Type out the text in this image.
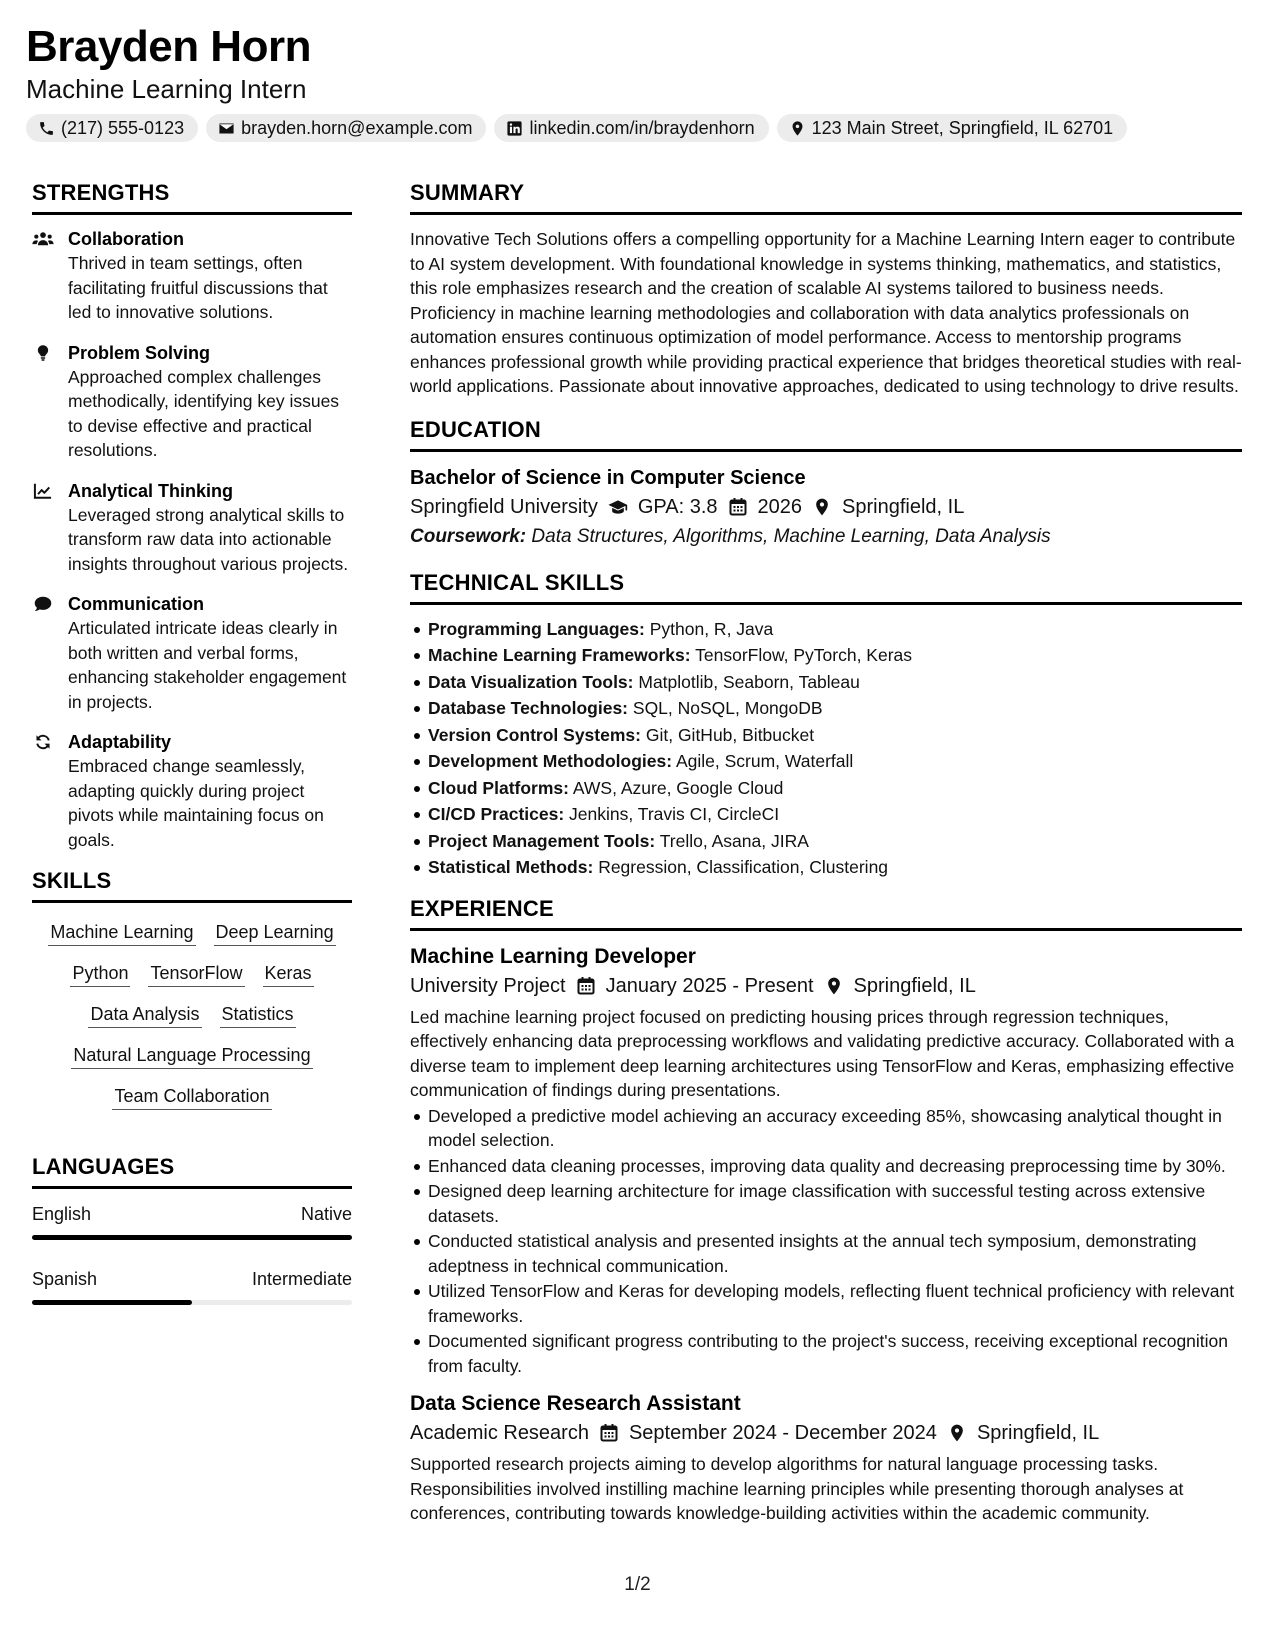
Brayden Horn
Machine Learning Intern
(217) 555-0123	brayden.horn@example.com	linkedin.com/in/braydenhorn	123 Main Street, Springfield, IL 62701
STRENGTHS
Collaboration
Thrived in team settings, often facilitating fruitful discussions that led to innovative solutions.
Problem Solving
Approached complex challenges methodically, identifying key issues to devise effective and practical resolutions.
Analytical Thinking
Leveraged strong analytical skills to transform raw data into actionable insights throughout various projects.
Communication
Articulated intricate ideas clearly in both written and verbal forms, enhancing stakeholder engagement in projects.
Adaptability
Embraced change seamlessly, adapting quickly during project pivots while maintaining focus on goals.
SKILLS
Machine Learning Deep Learning
Python TensorFlow Keras
Data Analysis Statistics
Natural Language Processing
Team Collaboration
LANGUAGES
English	Native
Spanish	Intermediate
SUMMARY
Innovative Tech Solutions offers a compelling opportunity for a Machine Learning Intern eager to contribute to AI system development. With foundational knowledge in systems thinking, mathematics, and statistics, this role emphasizes research and the creation of scalable AI systems tailored to business needs. Proficiency in machine learning methodologies and collaboration with data analytics professionals on automation ensures continuous optimization of model performance. Access to mentorship programs enhances professional growth while providing practical experience that bridges theoretical studies with real-world applications. Passionate about innovative approaches, dedicated to using technology to drive results.
EDUCATION
Bachelor of Science in Computer Science
Springfield University GPA: 3.8 2026 Springfield, IL
Coursework: Data Structures, Algorithms, Machine Learning, Data Analysis
TECHNICAL SKILLS
Programming Languages: Python, R, Java
Machine Learning Frameworks: TensorFlow, PyTorch, Keras
Data Visualization Tools: Matplotlib, Seaborn, Tableau
Database Technologies: SQL, NoSQL, MongoDB
Version Control Systems: Git, GitHub, Bitbucket
Development Methodologies: Agile, Scrum, Waterfall
Cloud Platforms: AWS, Azure, Google Cloud
CI/CD Practices: Jenkins, Travis CI, CircleCI
Project Management Tools: Trello, Asana, JIRA
Statistical Methods: Regression, Classification, Clustering
EXPERIENCE
Machine Learning Developer
University Project January 2025 - Present Springfield, IL
Led machine learning project focused on predicting housing prices through regression techniques, effectively enhancing data preprocessing workflows and validating predictive accuracy. Collaborated with a diverse team to implement deep learning architectures using TensorFlow and Keras, emphasizing effective communication of findings during presentations.
Developed a predictive model achieving an accuracy exceeding 85%, showcasing analytical thought in model selection.
Enhanced data cleaning processes, improving data quality and decreasing preprocessing time by 30%.
Designed deep learning architecture for image classification with successful testing across extensive datasets.
Conducted statistical analysis and presented insights at the annual tech symposium, demonstrating adeptness in technical communication.
Utilized TensorFlow and Keras for developing models, reflecting fluent technical proficiency with relevant frameworks.
Documented significant progress contributing to the project's success, receiving exceptional recognition from faculty.
Data Science Research Assistant
Academic Research September 2024 - December 2024 Springfield, IL
Supported research projects aiming to develop algorithms for natural language processing tasks. Responsibilities involved instilling machine learning principles while presenting thorough analyses at conferences, contributing towards knowledge-building activities within the academic community.
1/2
